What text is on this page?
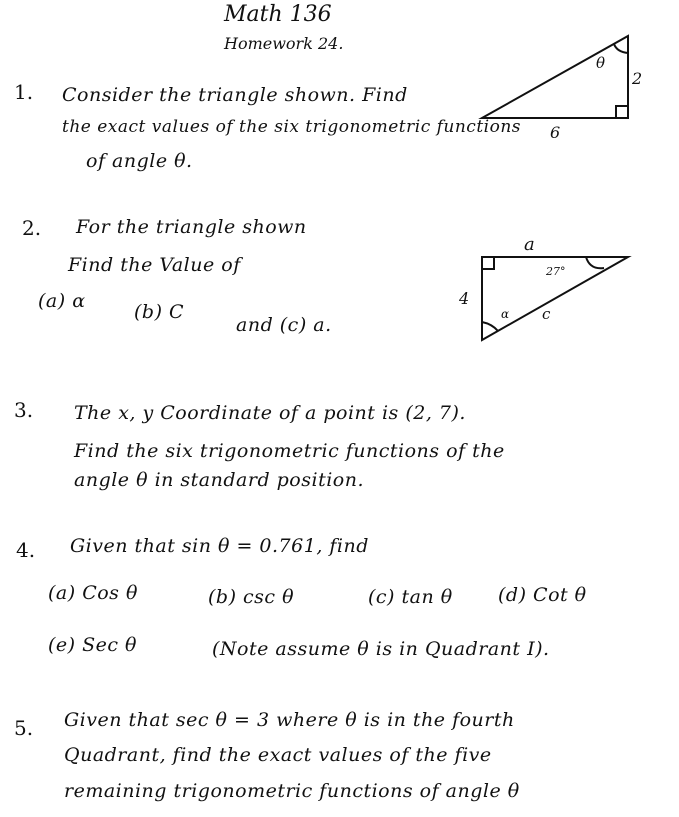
Math 136
Homework 24.
1. Consider the triangle shown. Find
the exact values of the six trigonometric functions
of angle θ.
θ
2
6
2. For the triangle shown
Find the Value of
(a) α	(b) C
and (c) a.
a
4
c
27°
α
3. The x, y Coordinate of a point is (2, 7).
Find the six trigonometric functions of the
angle θ in standard position.
4. Given that sin θ = 0.761, find
(a) Cos θ	(b) csc θ	(c) tan θ (d) Cot θ
(e) Sec θ	(Note assume θ is in Quadrant I).
5. Given that sec θ = 3 where θ is in the fourth
Quadrant, find the exact values of the five
remaining trigonometric functions of angle θ
